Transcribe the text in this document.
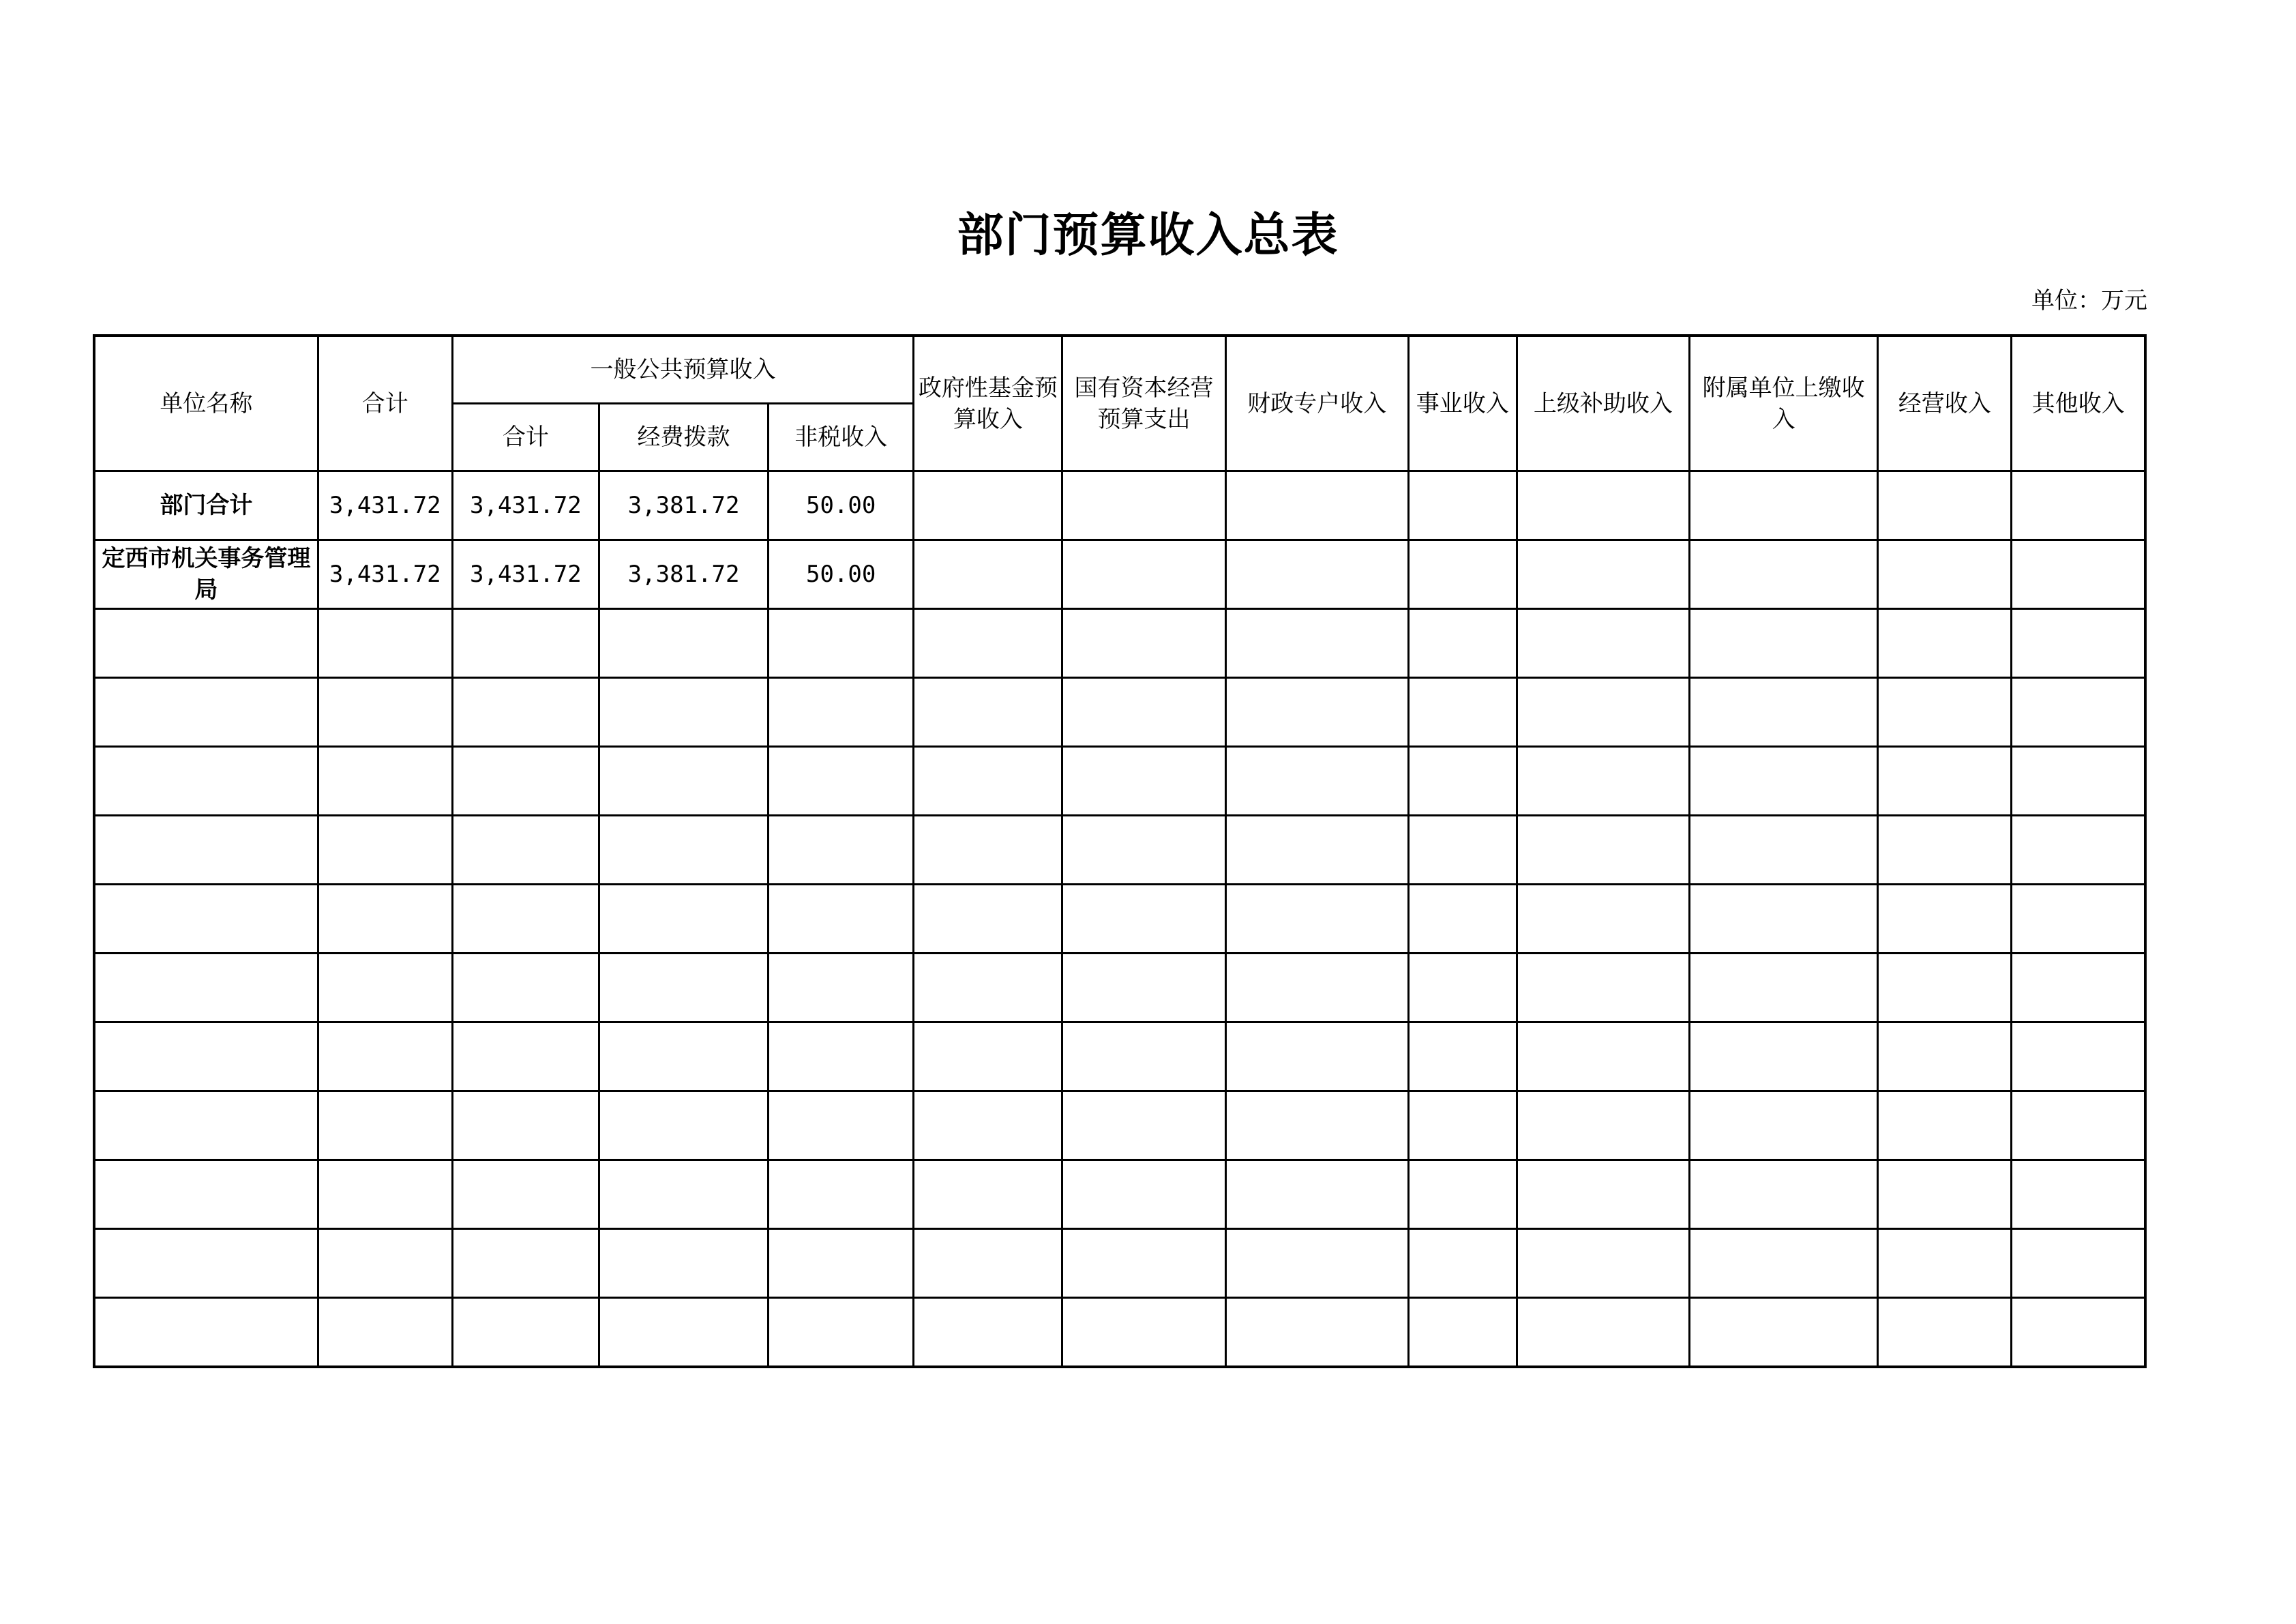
部门预算收入总表
单位：万元
单位名称	合计	一般公共预算收入			政府性基金预算收入	国有资本经营预算支出	财政专户收入	事业收入	上级补助收入	附属单位上缴收入	经营收入	其他收入
		合计	经费拨款	非税收入								
部门合计	3,431.72	3,431.72	3,381.72	50.00								
定西市机关事务管理局	3,431.72	3,431.72	3,381.72	50.00								
